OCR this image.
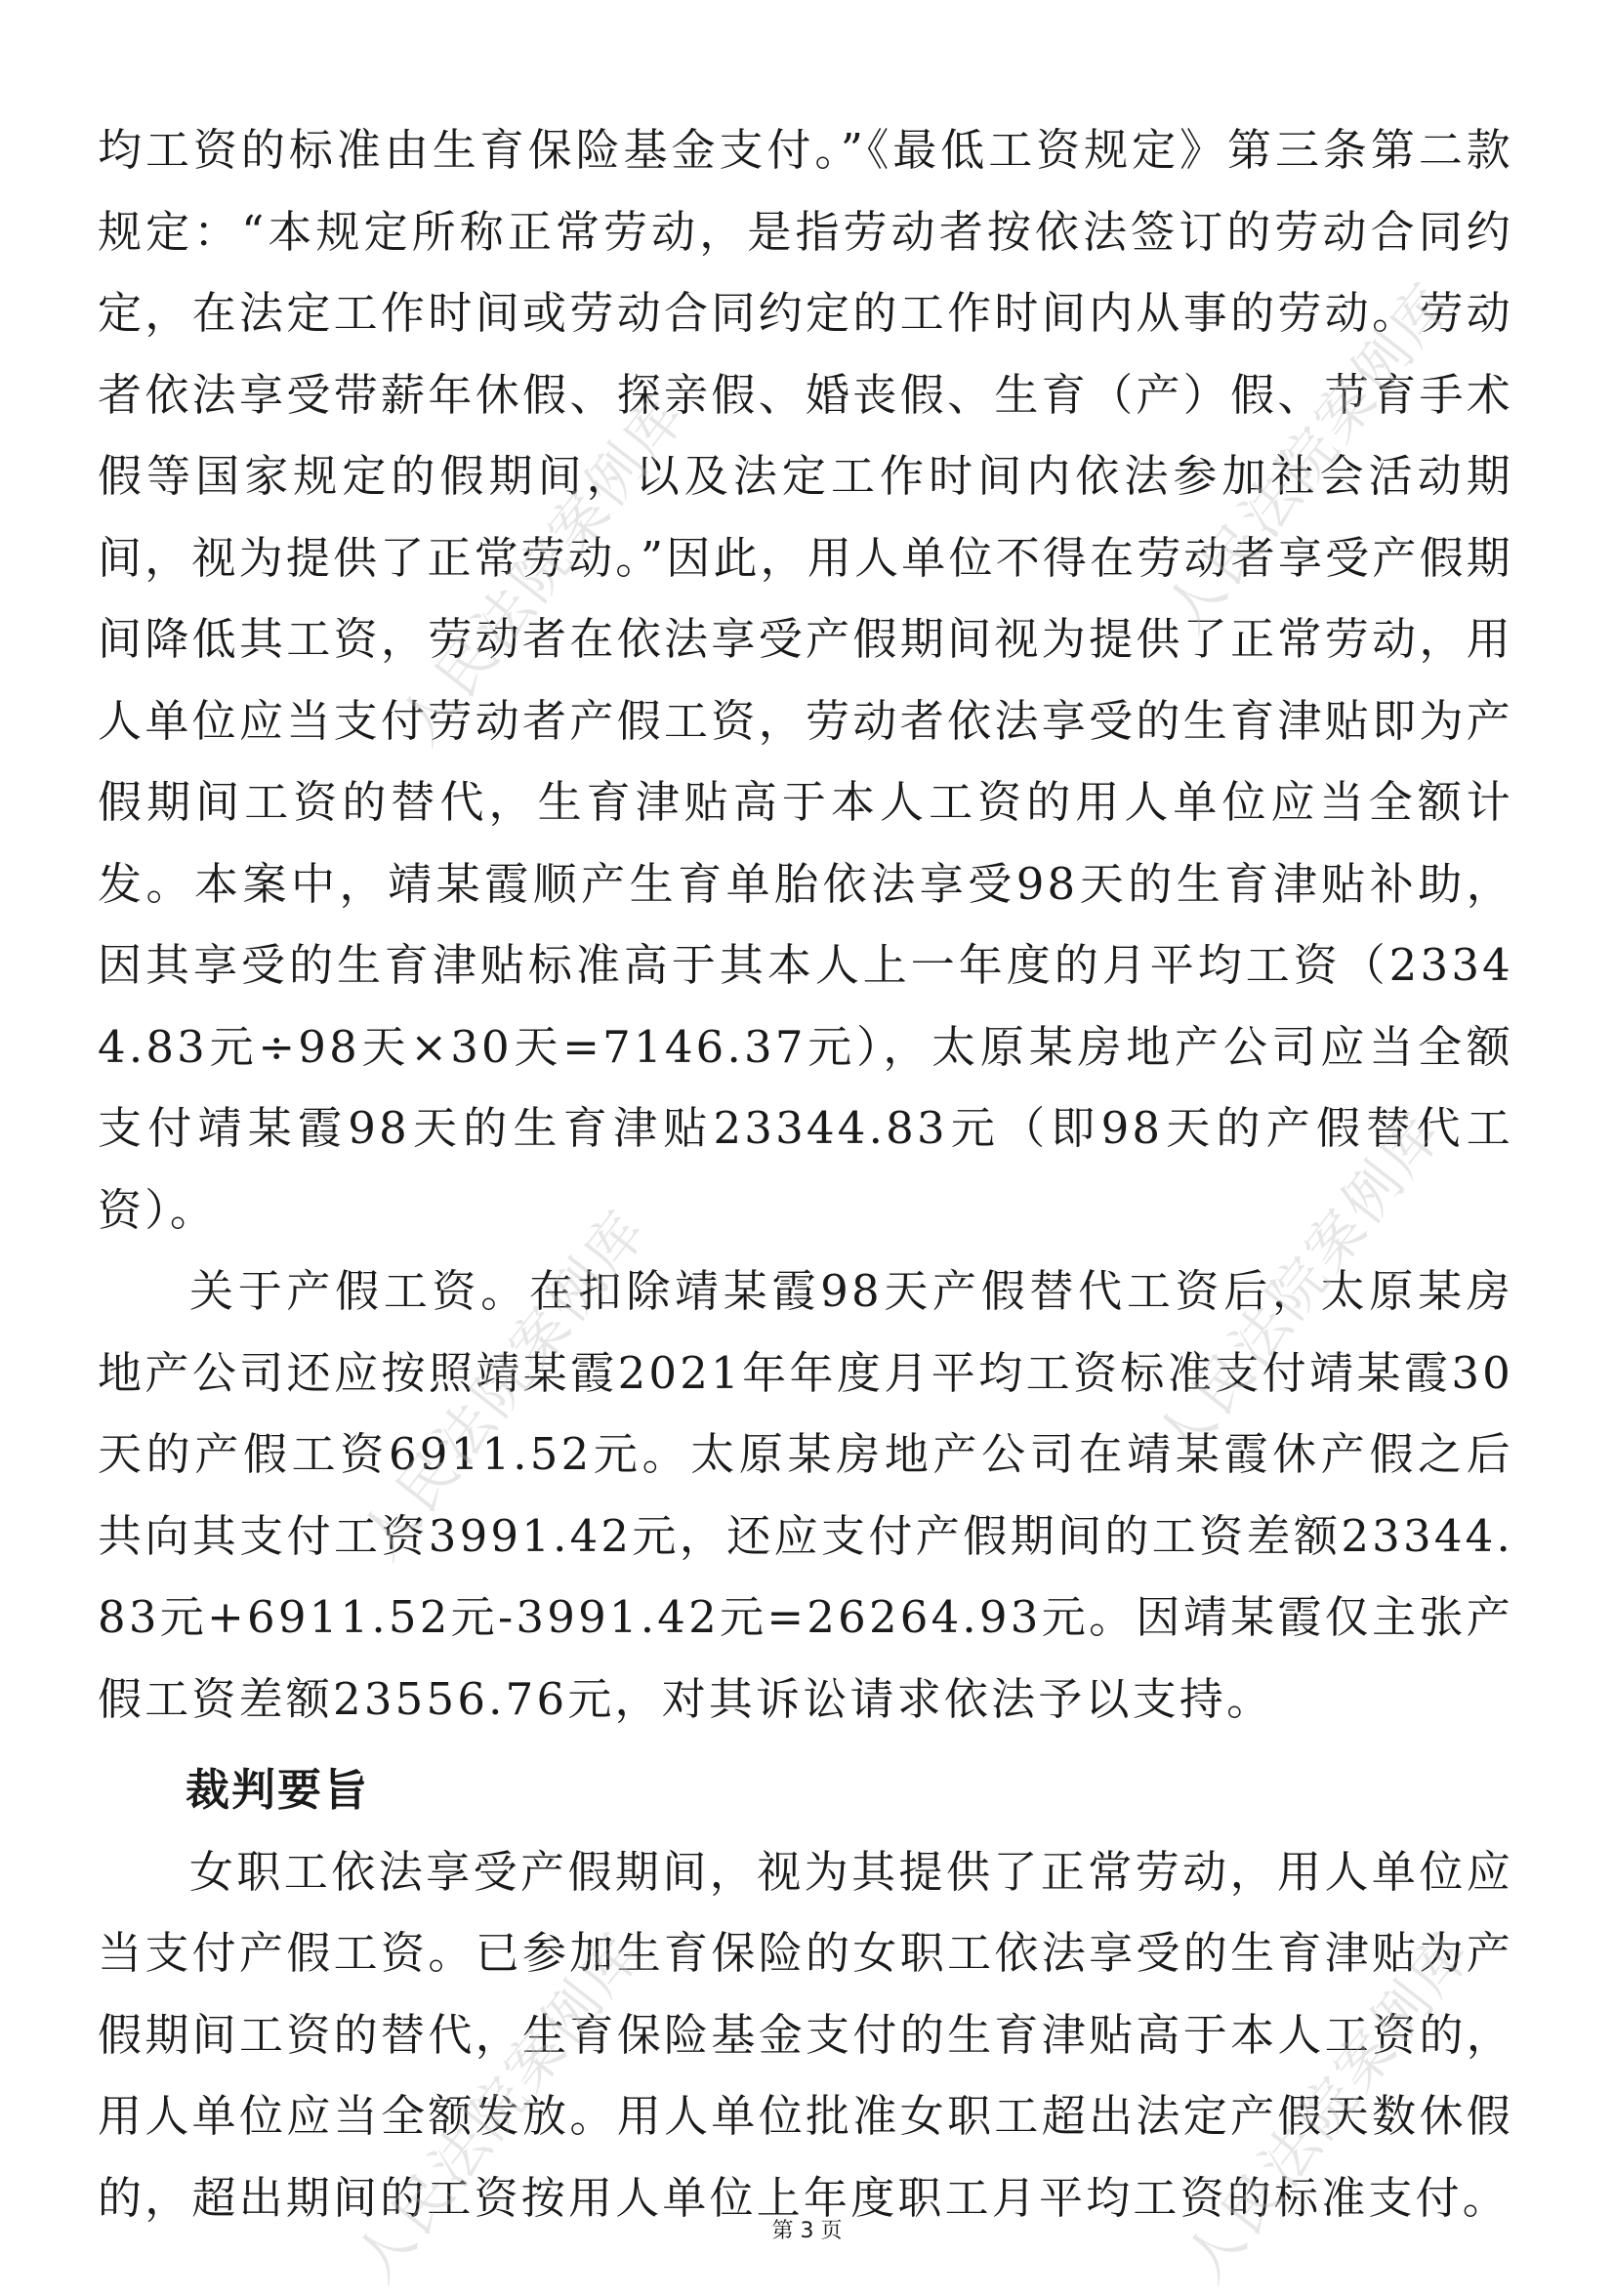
均工资的标准由生育保险基金支付。”《最低工资规定》第三条第二款规定：“本规定所称正常劳动，是指劳动者按依法签订的劳动合同约定，在法定工作时间或劳动合同约定的工作时间内从事的劳动。劳动者依法享受带薪年休假、探亲假、婚丧假、生育（产）假、节育手术假等国家规定的假期间，以及法定工作时间内依法参加社会活动期间，视为提供了正常劳动。”因此，用人单位不得在劳动者享受产假期间降低其工资，劳动者在依法享受产假期间视为提供了正常劳动，用人单位应当支付劳动者产假工资，劳动者依法享受的生育津贴即为产假期间工资的替代，生育津贴高于本人工资的用人单位应当全额计发。本案中，靖某霞顺产生育单胎依法享受98天的生育津贴补助，因其享受的生育津贴标准高于其本人上一年度的月平均工资（23344.83元÷98天×30天=7146.37元），太原某房地产公司应当全额支付靖某霞98天的生育津贴23344.83元（即98天的产假替代工资）。

关于产假工资。在扣除靖某霞98天产假替代工资后，太原某房地产公司还应按照靖某霞2021年年度月平均工资标准支付靖某霞30天的产假工资6911.52元。太原某房地产公司在靖某霞休产假之后共向其支付工资3991.42元，还应支付产假期间的工资差额23344.83元+6911.52元-3991.42元=26264.93元。因靖某霞仅主张产假工资差额23556.76元，对其诉讼请求依法予以支持。

裁判要旨

女职工依法享受产假期间，视为其提供了正常劳动，用人单位应当支付产假工资。已参加生育保险的女职工依法享受的生育津贴为产假期间工资的替代，生育保险基金支付的生育津贴高于本人工资的，用人单位应当全额发放。用人单位批准女职工超出法定产假天数休假的，超出期间的工资按用人单位上年度职工月平均工资的标准支付。

人民法院案例库
人民法院案例库
人民法院案例库
人民法院案例库
人民法院案例库
人民法院案例库	第 3 页
